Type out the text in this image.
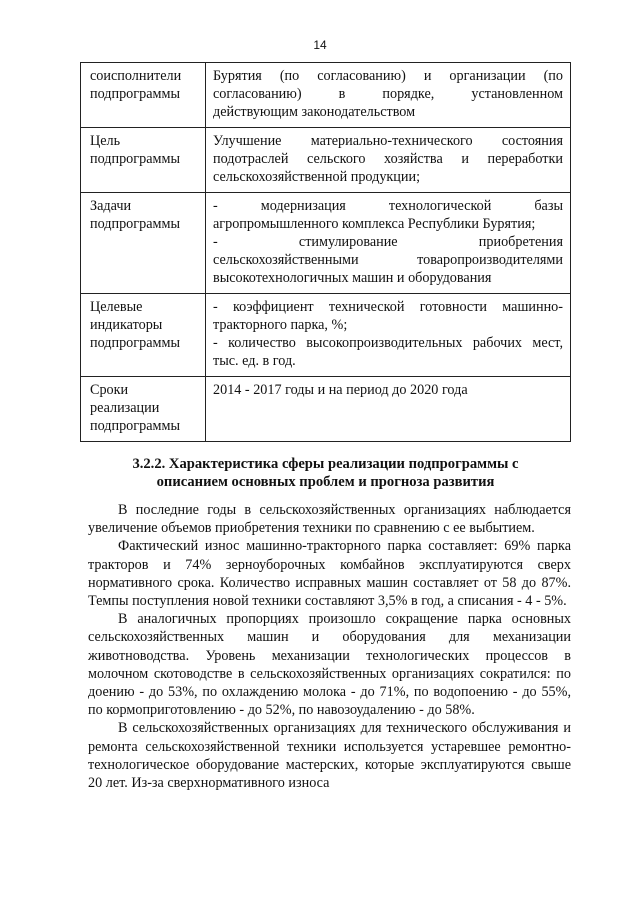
14
соисполнители
подпрограммы	Бурятия (по согласованию) и организации (по
согласованию) в порядке, установленном
действующим законодательством

Цель
подпрограммы	Улучшение материально-технического состояния
подотраслей сельского хозяйства и переработки
сельскохозяйственной продукции;

Задачи
подпрограммы	- модернизация технологической базы
агропромышленного комплекса Республики Бурятия;
- стимулирование приобретения
сельскохозяйственными товаропроизводителями
высокотехнологичных машин и оборудования

Целевые
индикаторы
подпрограммы	- коэффициент технической готовности машинно-
тракторного парка, %;
- количество высокопроизводительных рабочих мест,
тыс. ед. в год.

Сроки
реализации
подпрограммы	2014 - 2017 годы и на период до 2020 года
3.2.2. Характеристика сферы реализации подпрограммы с
описанием основных проблем и прогноза развития

В последние годы в сельскохозяйственных организациях наблюдается увеличение объемов приобретения техники по сравнению с ее выбытием.

Фактический износ машинно-тракторного парка составляет: 69% парка тракторов и 74% зерноуборочных комбайнов эксплуатируются сверх нормативного срока. Количество исправных машин составляет от 58 до 87%. Темпы поступления новой техники составляют 3,5% в год, а списания - 4 - 5%.

В аналогичных пропорциях произошло сокращение парка основных сельскохозяйственных машин и оборудования для механизации животноводства. Уровень механизации технологических процессов в молочном скотоводстве в сельскохозяйственных организациях сократился: по доению - до 53%, по охлаждению молока - до 71%, по водопоению - до 55%, по кормоприготовлению - до 52%, по навозоудалению - до 58%.

В сельскохозяйственных организациях для технического обслуживания и ремонта сельскохозяйственной техники используется устаревшее ремонтно-технологическое оборудование мастерских, которые эксплуатируются свыше 20 лет. Из-за сверхнормативного износа
